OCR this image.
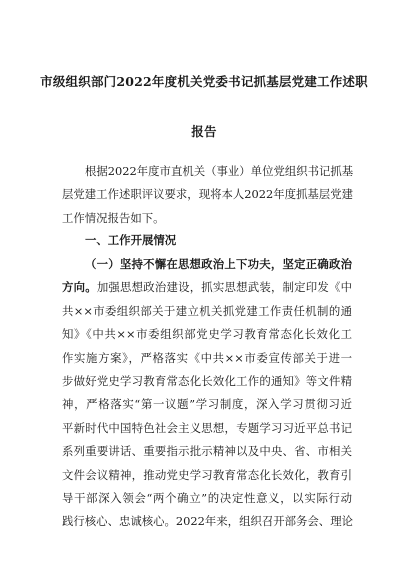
市级组织部门2022年度机关党委书记抓基层党建工作述职
报告
根据2022年度市直机关（事业）单位党组织书记抓基
层党建工作述职评议要求，现将本人2022年度抓基层党建
工作情况报告如下。
一、工作开展情况
（一）坚持不懈在思想政治上下功夫，坚定正确政治
方向。加强思想政治建设，抓实思想武装，制定印发《中
共××市委组织部关于建立机关抓党建工作责任机制的通
知》《中共××市委组织部党史学习教育常态化长效化工
作实施方案》，严格落实《中共××市委宣传部关于进一
步做好党史学习教育常态化长效化工作的通知》等文件精
神，严格落实“第一议题”学习制度，深入学习贯彻习近
平新时代中国特色社会主义思想，专题学习习近平总书记
系列重要讲话、重要指示批示精神以及中央、省、市相关
文件会议精神，推动党史学习教育常态化长效化，教育引
导干部深入领会“两个确立”的决定性意义，以实际行动
践行核心、忠诚核心。2022年来，组织召开部务会、理论
